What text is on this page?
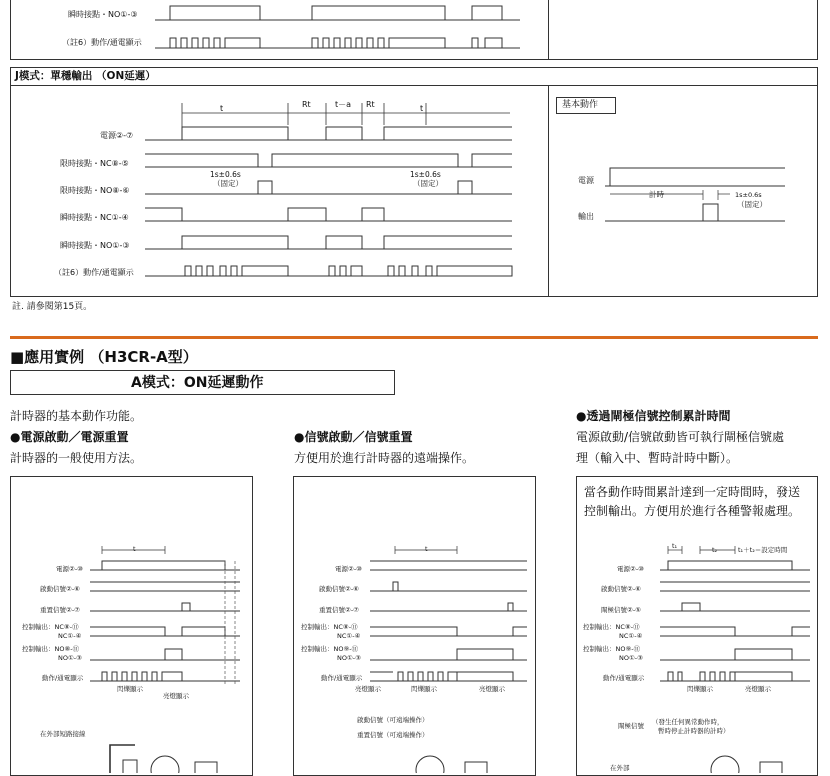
瞬時接點・NO①-③
（註6）動作/通電顯示
J模式：單穩輸出 （ON延遲）
電源②-⑦
限時接點・NC⑧-⑤
限時接點・NO⑧-⑥
瞬時接點・NC①-④
瞬時接點・NO①-③
（註6）動作/通電顯示
t	Rt	t－a Rt	t
1s±0.6s
（固定）
1s±0.6s
（固定）
基本動作
電源
輸出
計時	1s±0.6s
（固定）
註. 請參閱第15頁。
■應用實例 （H3CR-A型）
A模式：ON延遲動作
計時器的基本動作功能。
●電源啟動／電源重置
計時器的一般使用方法。
t
電源②-⑩
啟動信號②-⑥
重置信號②-⑦
控制輸出：NC⑧-⑪
NC①-④
控制輸出：NO⑧-⑪
NO①-③
動作/通電顯示
閃爍顯示
亮燈顯示
在外部短路接線
●信號啟動／信號重置
方便用於進行計時器的遠端操作。
t
電源②-⑩
啟動信號②-⑥
重置信號②-⑦
控制輸出：NC⑧-⑪
NC①-④
控制輸出：NO⑨-⑪
NO①-③
動作/通電顯示
亮燈顯示	閃爍顯示	亮燈顯示
啟動信號（可遠端操作）
重置信號（可遠端操作）
●透過閘極信號控制累計時間
電源啟動/信號啟動皆可執行閘極信號處
理（輸入中、暫時計時中斷）。
當各動作時間累計達到一定時間時，發送
控制輸出。方便用於進行各種警報處理。
t₁	t₂	t₁＋t₂＝設定時間
電源②-⑩
啟動信號②-⑥
閘極信號②-⑤
控制輸出：NC⑧-⑪
NC①-④
控制輸出：NO⑨-⑪
NO①-③
動作/通電顯示
閃爍顯示	亮燈顯示
閘極信號 （發生任何異常動作時，
暫時停止計時器的計時）
在外部
